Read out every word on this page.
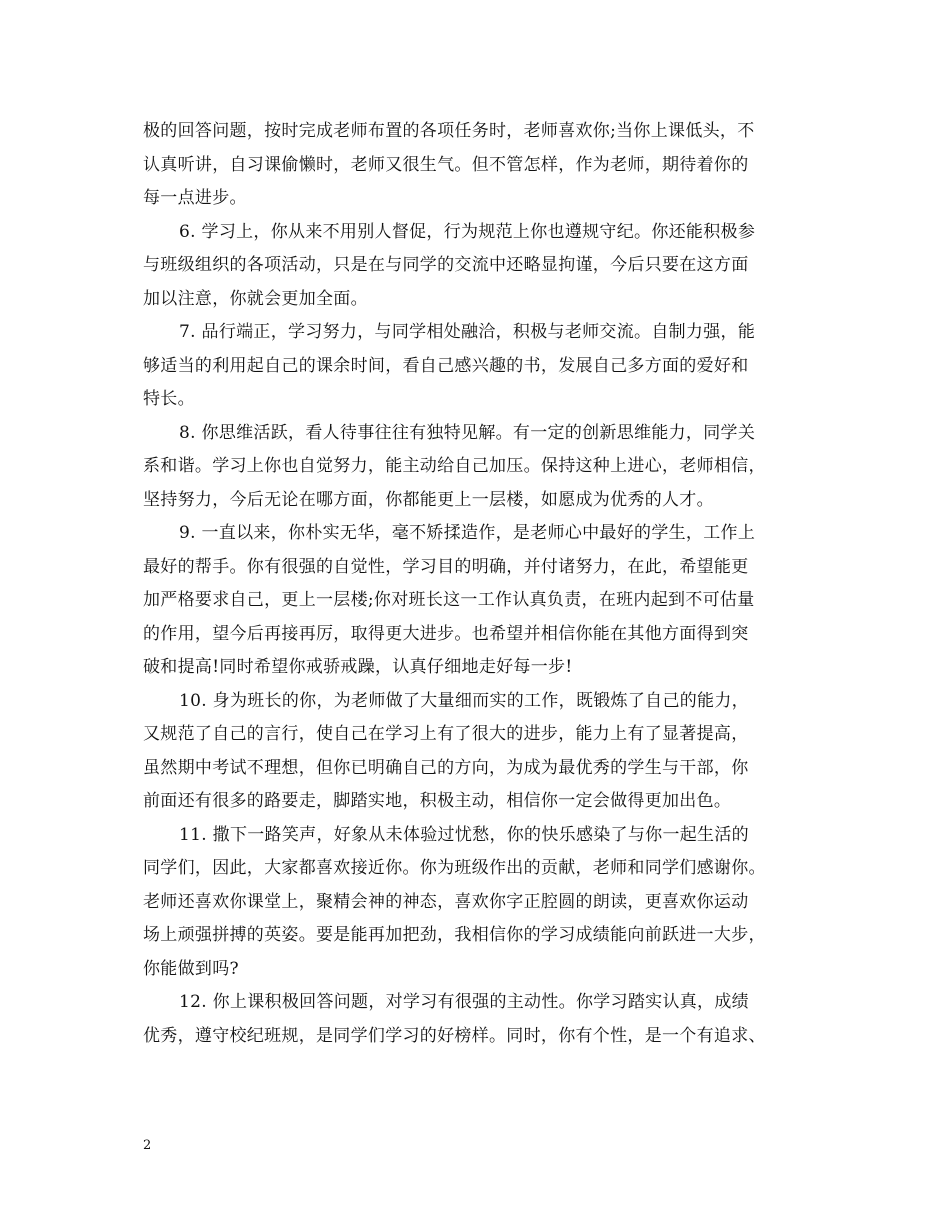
极的回答问题，按时完成老师布置的各项任务时，老师喜欢你;当你上课低头，不
认真听讲，自习课偷懒时，老师又很生气。但不管怎样，作为老师，期待着你的
每一点进步。
6. 学习上，你从来不用别人督促，行为规范上你也遵规守纪。你还能积极参
与班级组织的各项活动，只是在与同学的交流中还略显拘谨，今后只要在这方面
加以注意，你就会更加全面。
7. 品行端正，学习努力，与同学相处融洽，积极与老师交流。自制力强，能
够适当的利用起自己的课余时间，看自己感兴趣的书，发展自己多方面的爱好和
特长。
8. 你思维活跃，看人待事往往有独特见解。有一定的创新思维能力，同学关
系和谐。学习上你也自觉努力，能主动给自己加压。保持这种上进心，老师相信，
坚持努力，今后无论在哪方面，你都能更上一层楼，如愿成为优秀的人才。
9. 一直以来，你朴实无华，毫不矫揉造作，是老师心中最好的学生，工作上
最好的帮手。你有很强的自觉性，学习目的明确，并付诸努力，在此，希望能更
加严格要求自己，更上一层楼;你对班长这一工作认真负责，在班内起到不可估量
的作用，望今后再接再厉，取得更大进步。也希望并相信你能在其他方面得到突
破和提高!同时希望你戒骄戒躁，认真仔细地走好每一步!
10. 身为班长的你，为老师做了大量细而实的工作，既锻炼了自己的能力，
又规范了自己的言行，使自己在学习上有了很大的进步，能力上有了显著提高，
虽然期中考试不理想，但你已明确自己的方向，为成为最优秀的学生与干部，你
前面还有很多的路要走，脚踏实地，积极主动，相信你一定会做得更加出色。
11. 撒下一路笑声，好象从未体验过忧愁，你的快乐感染了与你一起生活的
同学们，因此，大家都喜欢接近你。你为班级作出的贡献，老师和同学们感谢你。
老师还喜欢你课堂上，聚精会神的神态，喜欢你字正腔圆的朗读，更喜欢你运动
场上顽强拼搏的英姿。要是能再加把劲，我相信你的学习成绩能向前跃进一大步，
你能做到吗?
12. 你上课积极回答问题，对学习有很强的主动性。你学习踏实认真，成绩
优秀，遵守校纪班规，是同学们学习的好榜样。同时，你有个性，是一个有追求、
2
